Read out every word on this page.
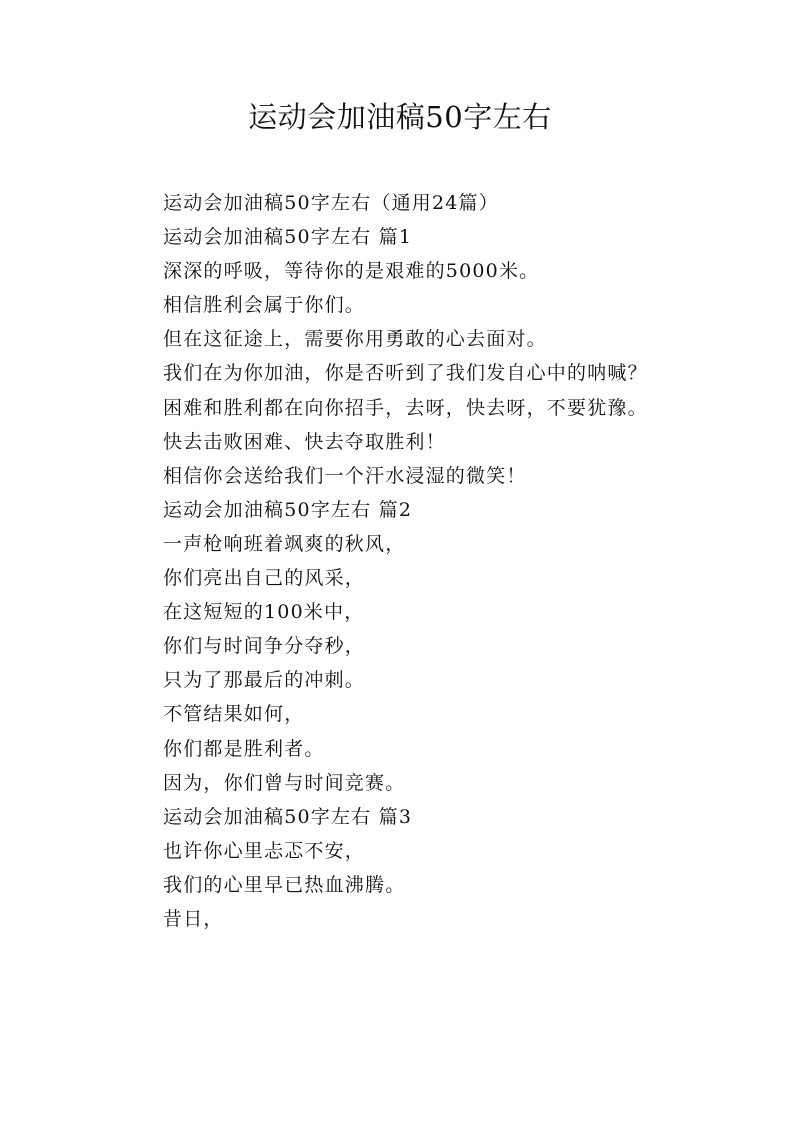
运动会加油稿50字左右
运动会加油稿50字左右（通用24篇）
运动会加油稿50字左右 篇1
深深的呼吸，等待你的是艰难的5000米。
相信胜利会属于你们。
但在这征途上，需要你用勇敢的心去面对。
我们在为你加油，你是否听到了我们发自心中的呐喊？
困难和胜利都在向你招手，去呀，快去呀，不要犹豫。
快去击败困难、快去夺取胜利！
相信你会送给我们一个汗水浸湿的微笑！
运动会加油稿50字左右 篇2
一声枪响班着飒爽的秋风，
你们亮出自己的风采，
在这短短的100米中，
你们与时间争分夺秒，
只为了那最后的冲刺。
不管结果如何，
你们都是胜利者。
因为，你们曾与时间竞赛。
运动会加油稿50字左右 篇3
也许你心里忐忑不安，
我们的心里早已热血沸腾。
昔日，
